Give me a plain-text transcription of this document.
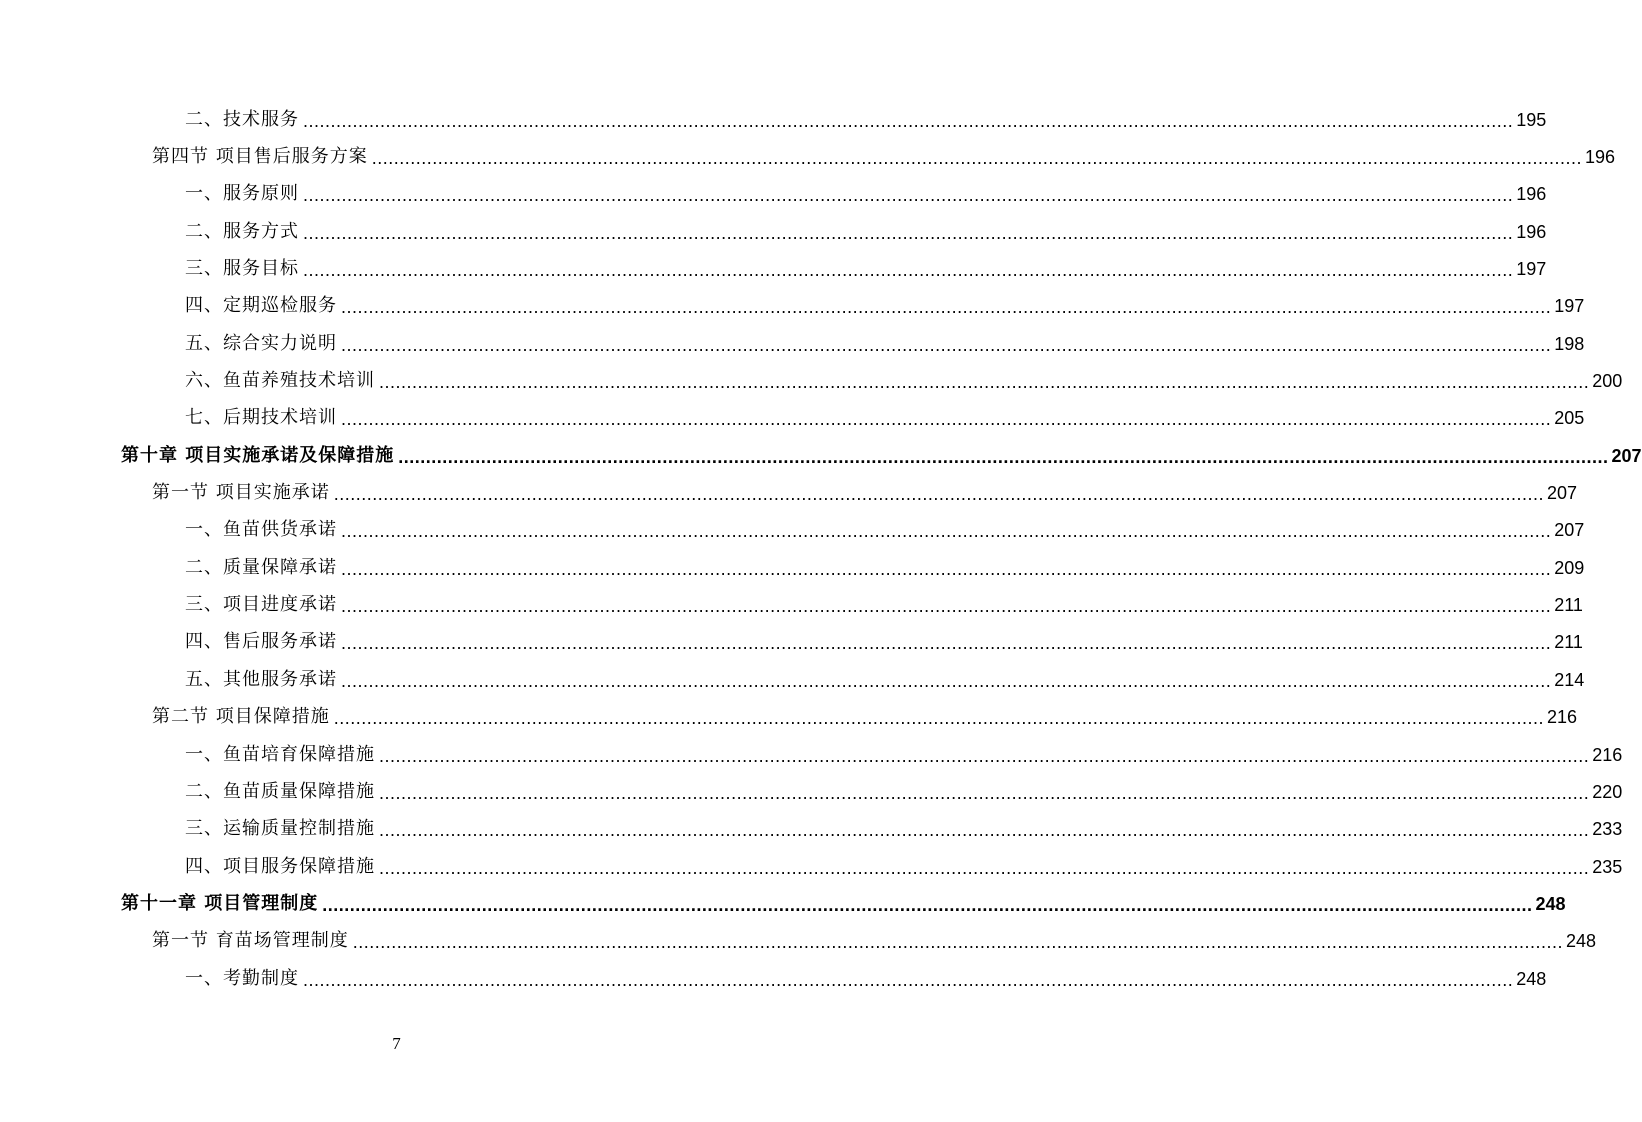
二、技术服务 ............................................................................................................................................................................................................................ 195
第四节 项目售后服务方案 ............................................................................................................................................................................................................................ 196
一、服务原则 ............................................................................................................................................................................................................................ 196
二、服务方式 ............................................................................................................................................................................................................................ 196
三、服务目标 ............................................................................................................................................................................................................................ 197
四、定期巡检服务 ............................................................................................................................................................................................................................ 197
五、综合实力说明 ............................................................................................................................................................................................................................ 198
六、鱼苗养殖技术培训 ............................................................................................................................................................................................................................ 200
七、后期技术培训 ............................................................................................................................................................................................................................ 205
第十章 项目实施承诺及保障措施 ............................................................................................................................................................................................................................ 207
第一节 项目实施承诺 ............................................................................................................................................................................................................................ 207
一、鱼苗供货承诺 ............................................................................................................................................................................................................................ 207
二、质量保障承诺 ............................................................................................................................................................................................................................ 209
三、项目进度承诺 ............................................................................................................................................................................................................................ 211
四、售后服务承诺 ............................................................................................................................................................................................................................ 211
五、其他服务承诺 ............................................................................................................................................................................................................................ 214
第二节 项目保障措施 ............................................................................................................................................................................................................................ 216
一、鱼苗培育保障措施 ............................................................................................................................................................................................................................ 216
二、鱼苗质量保障措施 ............................................................................................................................................................................................................................ 220
三、运输质量控制措施 ............................................................................................................................................................................................................................ 233
四、项目服务保障措施 ............................................................................................................................................................................................................................ 235
第十一章 项目管理制度 ............................................................................................................................................................................................................................ 248
第一节 育苗场管理制度 ............................................................................................................................................................................................................................ 248
一、考勤制度 ............................................................................................................................................................................................................................ 248
7
